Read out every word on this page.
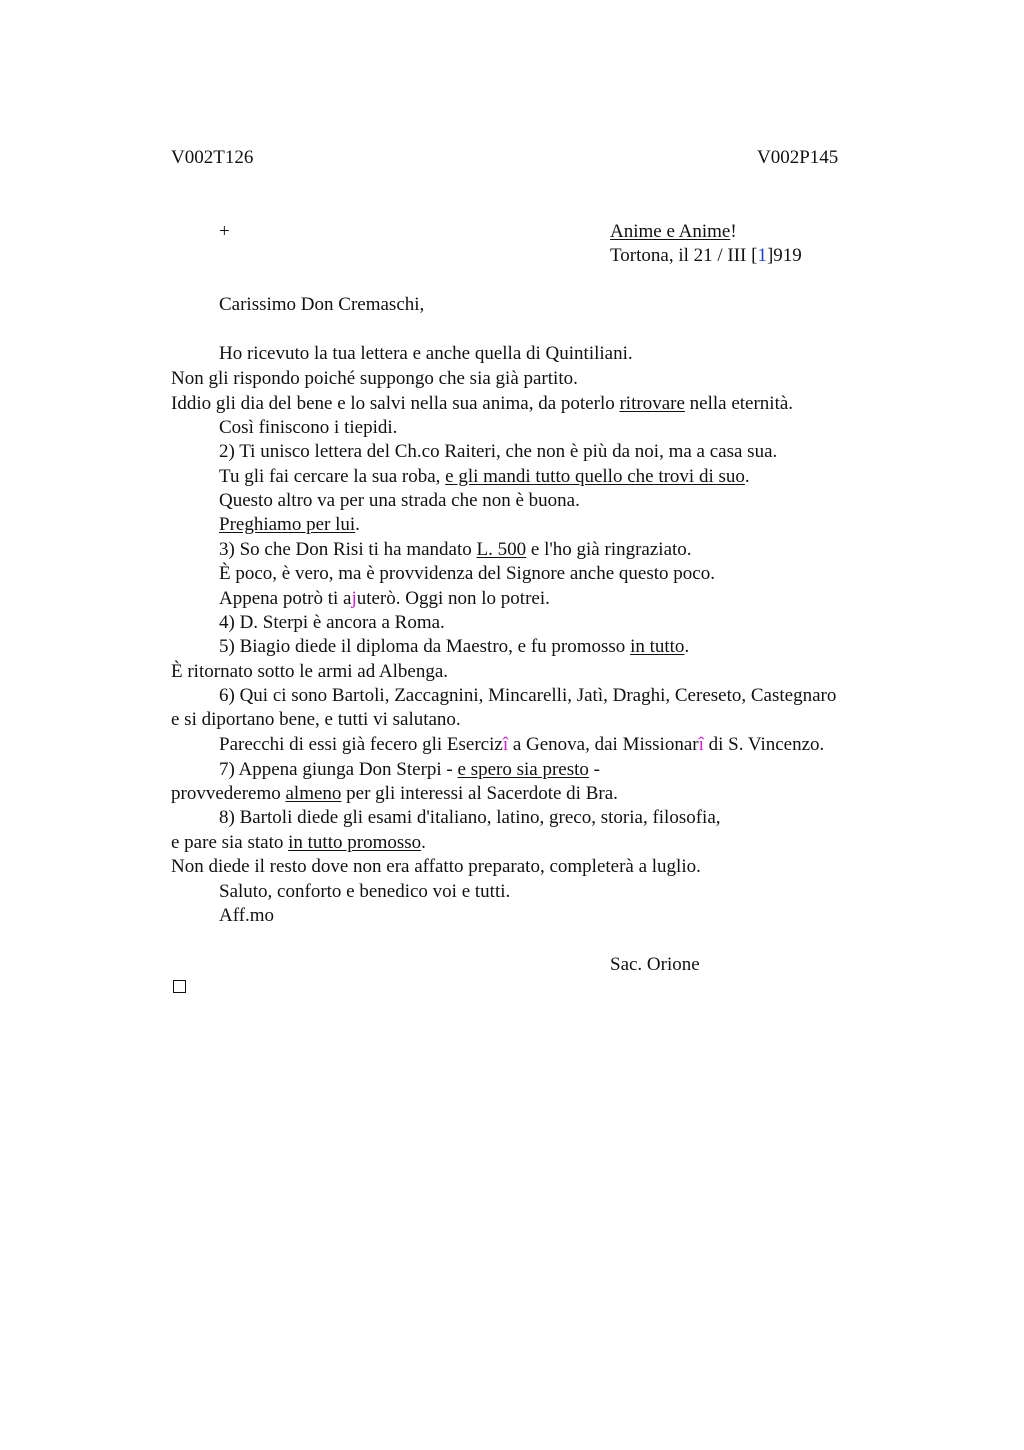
V002T126	V002P145
+	Anime e Anime!
Tortona, il 21 / III [1]919
Carissimo Don Cremaschi,
Ho ricevuto la tua lettera e anche quella di Quintiliani.
Non gli rispondo poiché suppongo che sia già partito.
Iddio gli dia del bene e lo salvi nella sua anima, da poterlo ritrovare nella eternità.
Così finiscono i tiepidi.
2) Ti unisco lettera del Ch.co Raiteri, che non è più da noi, ma a casa sua.
Tu gli fai cercare la sua roba, e gli mandi tutto quello che trovi di suo.
Questo altro va per una strada che non è buona.
Preghiamo per lui.
3) So che Don Risi ti ha mandato L. 500 e l'ho già ringraziato.
È poco, è vero, ma è provvidenza del Signore anche questo poco.
Appena potrò ti ajuterò. Oggi non lo potrei.
4) D. Sterpi è ancora a Roma.
5) Biagio diede il diploma da Maestro, e fu promosso in tutto.
È ritornato sotto le armi ad Albenga.
6) Qui ci sono Bartoli, Zaccagnini, Mincarelli, Jatì, Draghi, Cereseto, Castegnaro
e si diportano bene, e tutti vi salutano.
Parecchi di essi già fecero gli Esercizî a Genova, dai Missionarî di S. Vincenzo.
7) Appena giunga Don Sterpi - e spero sia presto -
provvederemo almeno per gli interessi al Sacerdote di Bra.
8) Bartoli diede gli esami d'italiano, latino, greco, storia, filosofia,
e pare sia stato in tutto promosso.
Non diede il resto dove non era affatto preparato, completerà a luglio.
Saluto, conforto e benedico voi e tutti.
Aff.mo
Sac. Orione
